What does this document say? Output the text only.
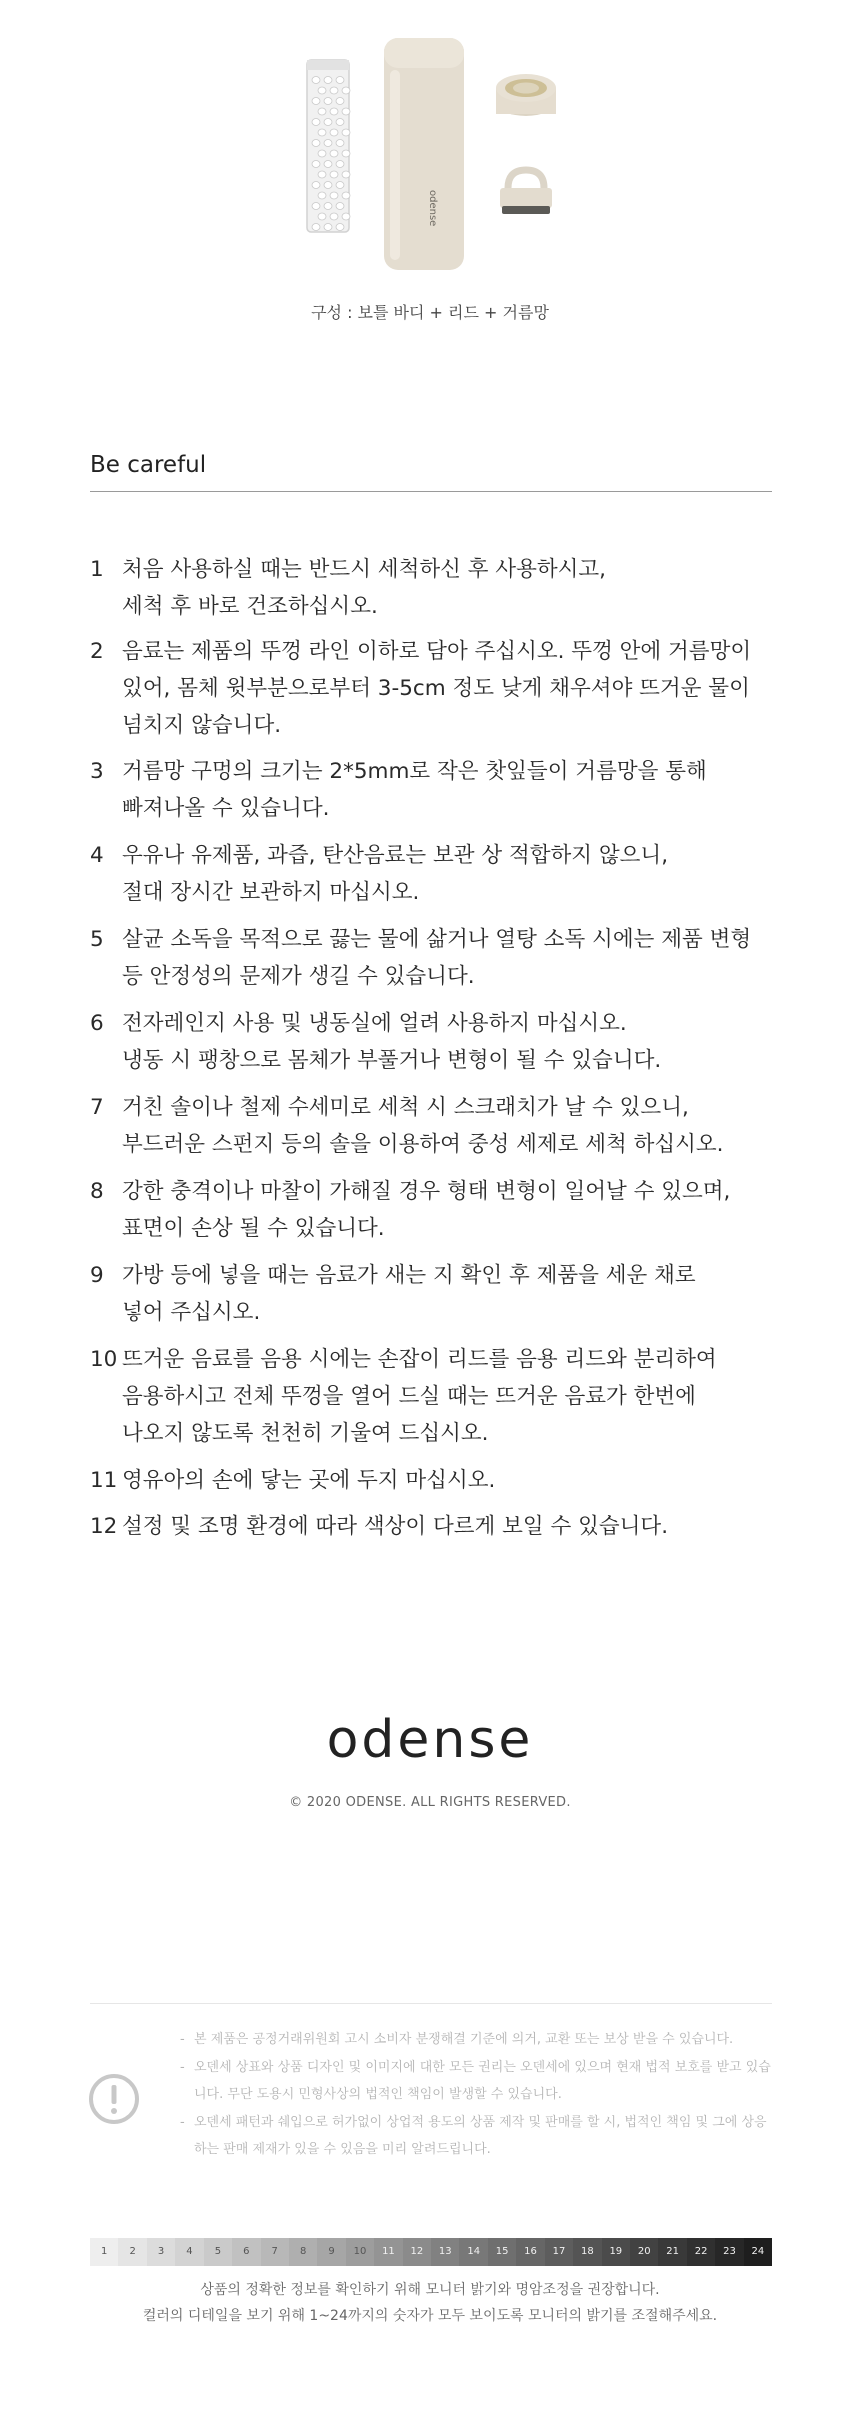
odense
구성 : 보틀 바디 + 리드 + 거름망
Be careful
1 처음 사용하실 때는 반드시 세척하신 후 사용하시고,
세척 후 바로 건조하십시오.
2 음료는 제품의 뚜껑 라인 이하로 담아 주십시오. 뚜껑 안에 거름망이
있어, 몸체 윗부분으로부터 3-5cm 정도 낮게 채우셔야 뜨거운 물이
넘치지 않습니다.
3 거름망 구멍의 크기는 2*5mm로 작은 찻잎들이 거름망을 통해
빠져나올 수 있습니다.
4 우유나 유제품, 과즙, 탄산음료는 보관 상 적합하지 않으니,
절대 장시간 보관하지 마십시오.
5 살균 소독을 목적으로 끓는 물에 삶거나 열탕 소독 시에는 제품 변형
등 안정성의 문제가 생길 수 있습니다.
6 전자레인지 사용 및 냉동실에 얼려 사용하지 마십시오.
냉동 시 팽창으로 몸체가 부풀거나 변형이 될 수 있습니다.
7 거친 솔이나 철제 수세미로 세척 시 스크래치가 날 수 있으니,
부드러운 스펀지 등의 솔을 이용하여 중성 세제로 세척 하십시오.
8 강한 충격이나 마찰이 가해질 경우 형태 변형이 일어날 수 있으며,
표면이 손상 될 수 있습니다.
9 가방 등에 넣을 때는 음료가 새는 지 확인 후 제품을 세운 채로
넣어 주십시오.
10 뜨거운 음료를 음용 시에는 손잡이 리드를 음용 리드와 분리하여
음용하시고 전체 뚜껑을 열어 드실 때는 뜨거운 음료가 한번에
나오지 않도록 천천히 기울여 드십시오.
11 영유아의 손에 닿는 곳에 두지 마십시오.
12 설정 및 조명 환경에 따라 색상이 다르게 보일 수 있습니다.
odense
© 2020 ODENSE. ALL RIGHTS RESERVED.
- 본 제품은 공정거래위원회 고시 소비자 분쟁해결 기준에 의거, 교환 또는 보상 받을 수 있습니다.
- 오덴세 상표와 상품 디자인 및 이미지에 대한 모든 권리는 오덴세에 있으며 현재 법적 보호를 받고 있습니다. 무단 도용시 민형사상의 법적인 책임이 발생할 수 있습니다.
- 오덴세 패턴과 쉐입으로 허가없이 상업적 용도의 상품 제작 및 판매를 할 시, 법적인 책임 및 그에 상응하는 판매 제재가 있을 수 있음을 미리 알려드립니다.
1	2	3	4	5	6	7	8	9	10	11	12	13	14	15	16	17	18	19	20	21	22	23	24
상품의 정확한 정보를 확인하기 위해 모니터 밝기와 명암조정을 권장합니다.
컬러의 디테일을 보기 위해 1~24까지의 숫자가 모두 보이도록 모니터의 밝기를 조절해주세요.
